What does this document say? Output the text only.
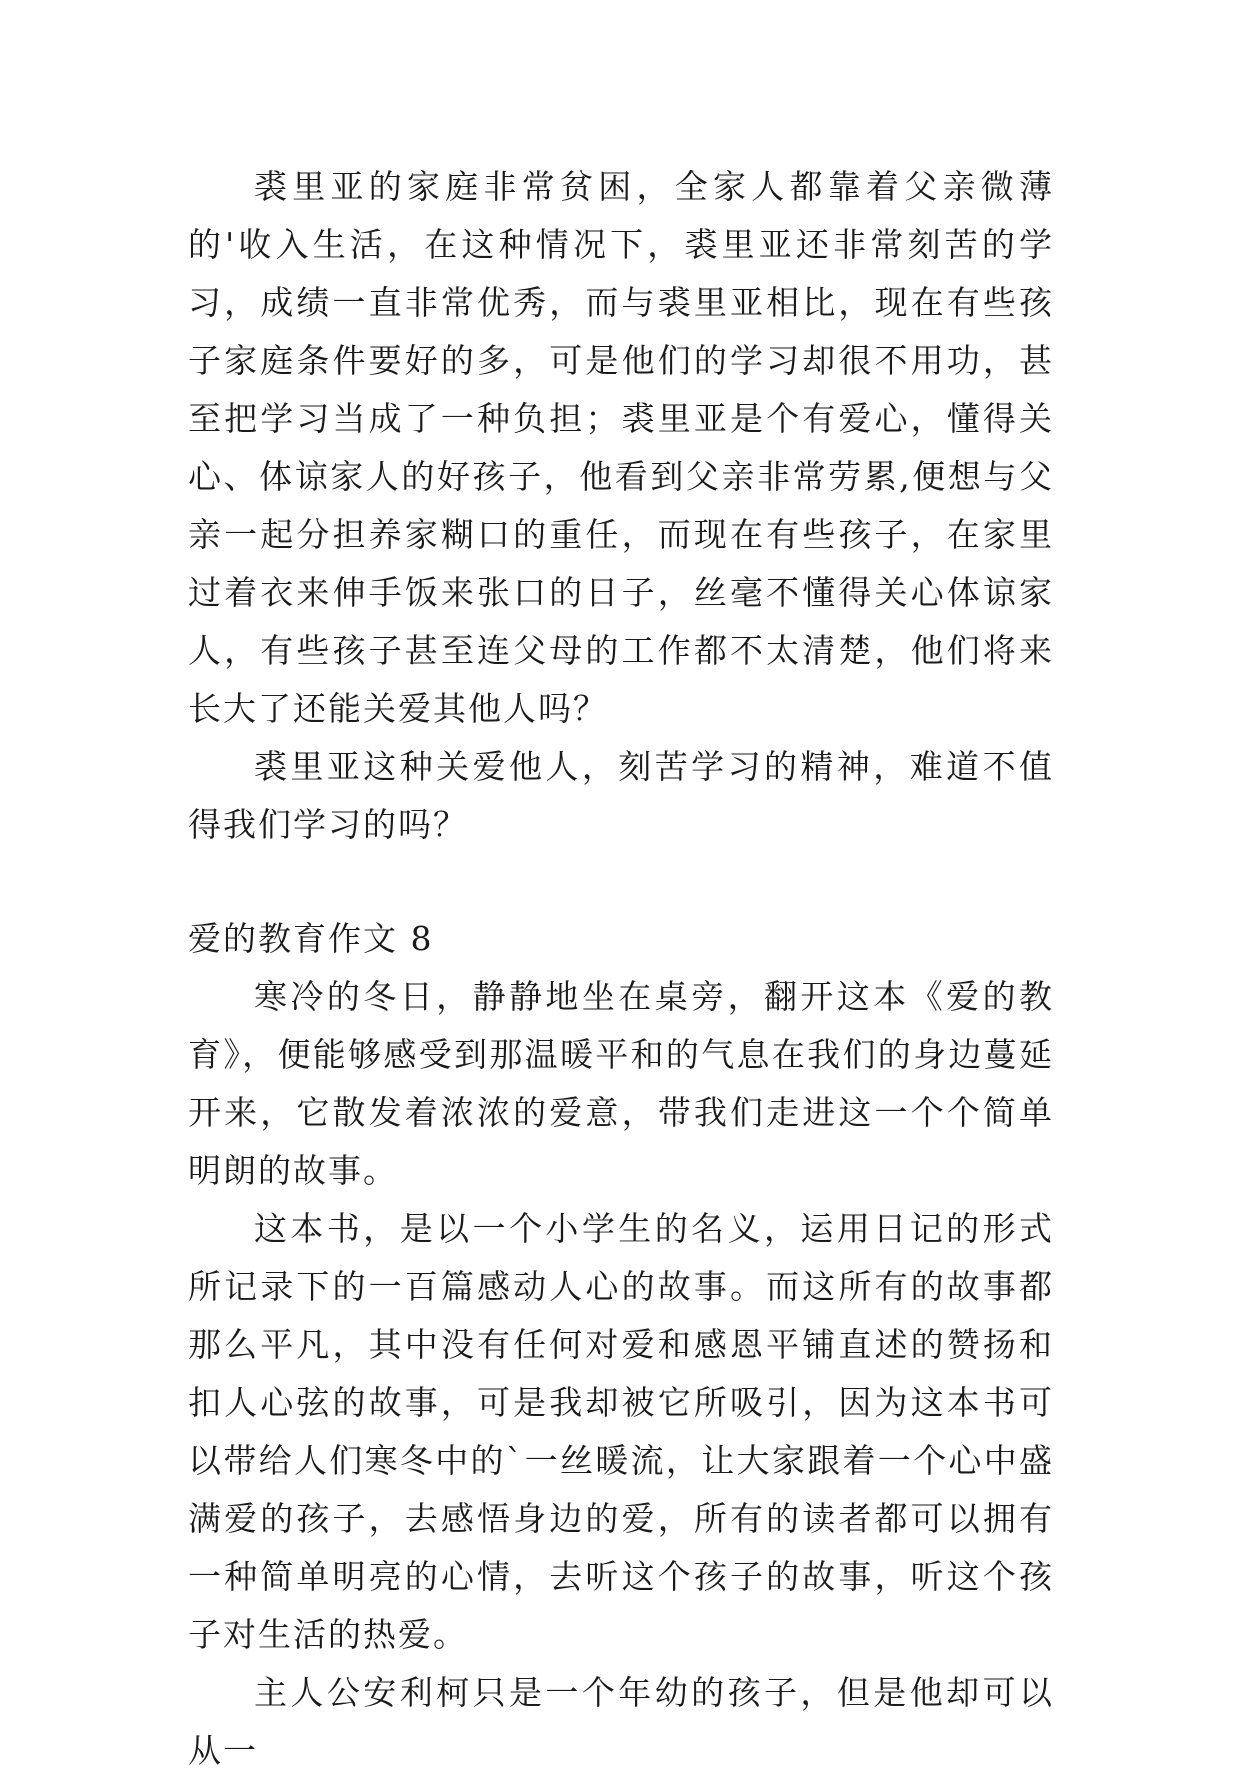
裘里亚的家庭非常贫困，全家人都靠着父亲微薄的'收入生活，在这种情况下，裘里亚还非常刻苦的学习，成绩一直非常优秀，而与裘里亚相比，现在有些孩子家庭条件要好的多，可是他们的学习却很不用功，甚至把学习当成了一种负担；裘里亚是个有爱心，懂得关心、体谅家人的好孩子，他看到父亲非常劳累,便想与父亲一起分担养家糊口的重任，而现在有些孩子，在家里过着衣来伸手饭来张口的日子，丝毫不懂得关心体谅家人，有些孩子甚至连父母的工作都不太清楚，他们将来长大了还能关爱其他人吗？

裘里亚这种关爱他人，刻苦学习的精神，难道不值得我们学习的吗？

爱的教育作文 8

寒冷的冬日，静静地坐在桌旁，翻开这本《爱的教育》，便能够感受到那温暖平和的气息在我们的身边蔓延开来，它散发着浓浓的爱意，带我们走进这一个个简单明朗的故事。

这本书，是以一个小学生的名义，运用日记的形式所记录下的一百篇感动人心的故事。而这所有的故事都那么平凡，其中没有任何对爱和感恩平铺直述的赞扬和扣人心弦的故事，可是我却被它所吸引，因为这本书可以带给人们寒冬中的`一丝暖流，让大家跟着一个心中盛满爱的孩子，去感悟身边的爱，所有的读者都可以拥有一种简单明亮的心情，去听这个孩子的故事，听这个孩子对生活的热爱。

主人公安利柯只是一个年幼的孩子，但是他却可以从一
